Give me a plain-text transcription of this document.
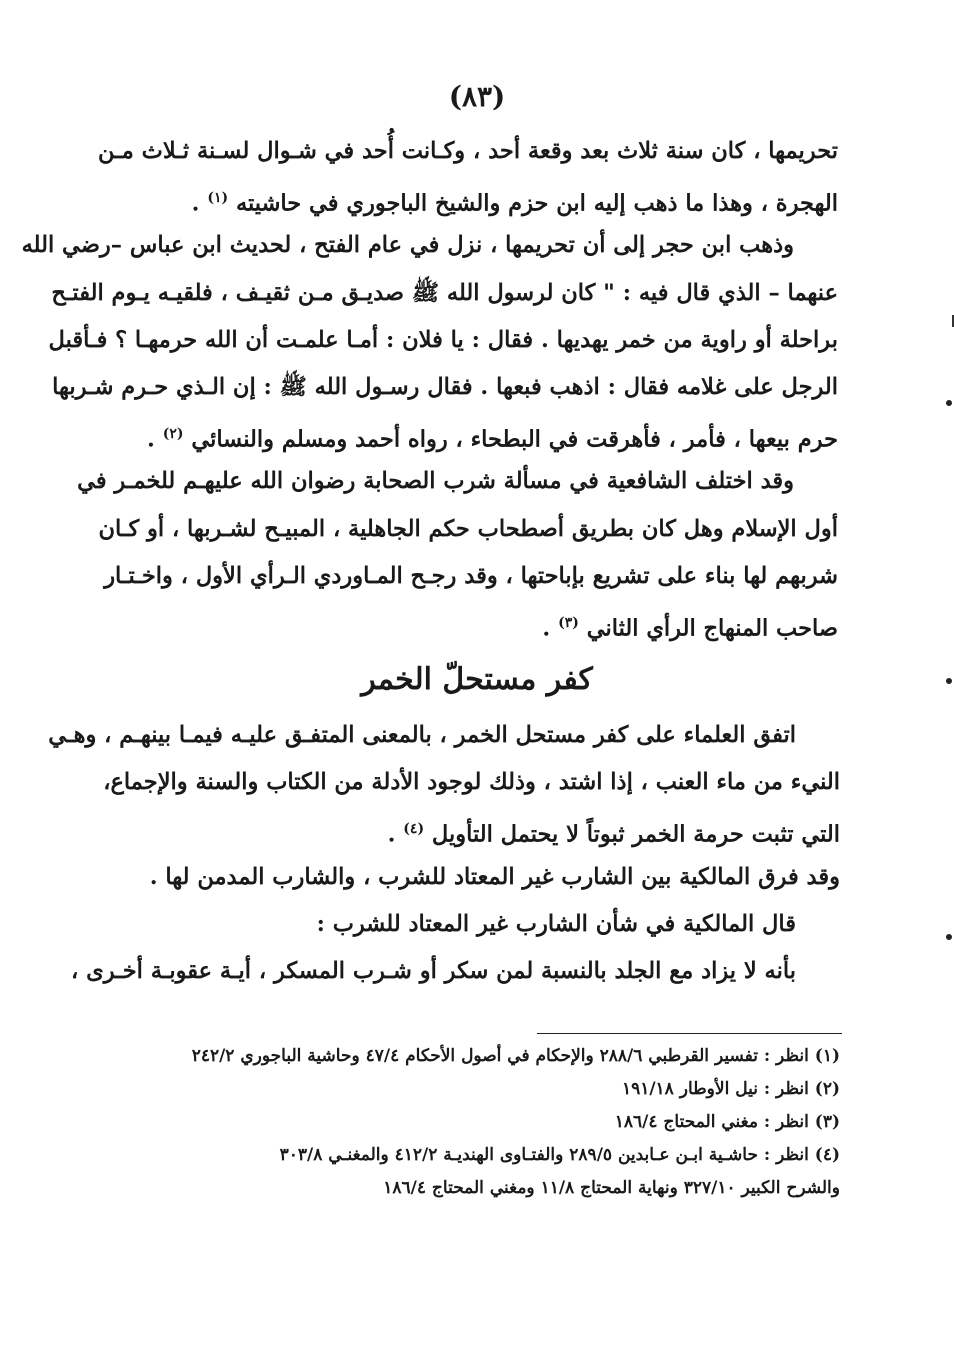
(٨٣)
تحريمها ، كان سنة ثلاث بعد وقعة أحد ، وكـانت أُحد في شـوال لسـنة ثـلاث مـن
الهجرة ، وهذا ما ذهب إليه ابن حزم والشيخ الباجوري في حاشيته $^{(١)}$ .
وذهب ابن حجر إلى أن تحريمها ، نزل في عام الفتح ، لحديث ابن عباس –رضي الله
عنهما – الذي قال فيه : " كان لرسول الله ﷺ صديـق مـن ثقيـف ، فلقيـه يـوم الفتـح
براحلة أو راوية من خمر يهديها . فقال : يا فلان : أمـا علمـت أن الله حرمهـا ؟ فـأقبل
الرجل على غلامه فقال : اذهب فبعها . فقال رسـول الله ﷺ : إن الـذي حـرم شـربها
حرم بيعها ، فأمر ، فأهرقت في البطحاء ، رواه أحمد ومسلم والنسائي $^{(٢)}$ .
وقد اختلف الشافعية في مسألة شرب الصحابة رضوان الله عليهـم للخمـر في
أول الإسلام وهل كان بطريق أصطحاب حكم الجاهلية ، المبيـح لشـربها ، أو كـان
شربهم لها بناء على تشريع بإباحتها ، وقد رجـح المـاوردي الـرأي الأول ، واخـتـار
صاحب المنهاج الرأي الثاني $^{(٣)}$ .
كفر مستحلّ الخمر
اتفق العلماء على كفر مستحل الخمر ، بالمعنى المتفـق عليـه فيمـا بينهـم ، وهـي
النيء من ماء العنب ، إذا اشتد ، وذلك لوجود الأدلة من الكتاب والسنة والإجماع،
التي تثبت حرمة الخمر ثبوتاً لا يحتمل التأويل $^{(٤)}$ .
وقد فرق المالكية بين الشارب غير المعتاد للشرب ، والشارب المدمن لها .
قال المالكية في شأن الشارب غير المعتاد للشرب :
بأنه لا يزاد مع الجلد بالنسبة لمن سكر أو شـرب المسكر ، أيـة عقوبـة أخـرى ،
(١) انظر : تفسير القرطبي ٢٨٨/٦ والإحكام في أصول الأحكام ٤٧/٤ وحاشية الباجوري ٢٤٢/٢
(٢) انظر : نيل الأوطار ١٩١/١٨
(٣) انظر : مغني المحتاج ١٨٦/٤
(٤) انظر : حاشـية ابـن عـابدين ٢٨٩/٥ والفتـاوى الهنديـة ٤١٢/٢ والمغنـي ٣٠٣/٨
والشرح الكبير ٣٢٧/١٠ ونهاية المحتاج ١١/٨ ومغني المحتاج ١٨٦/٤
